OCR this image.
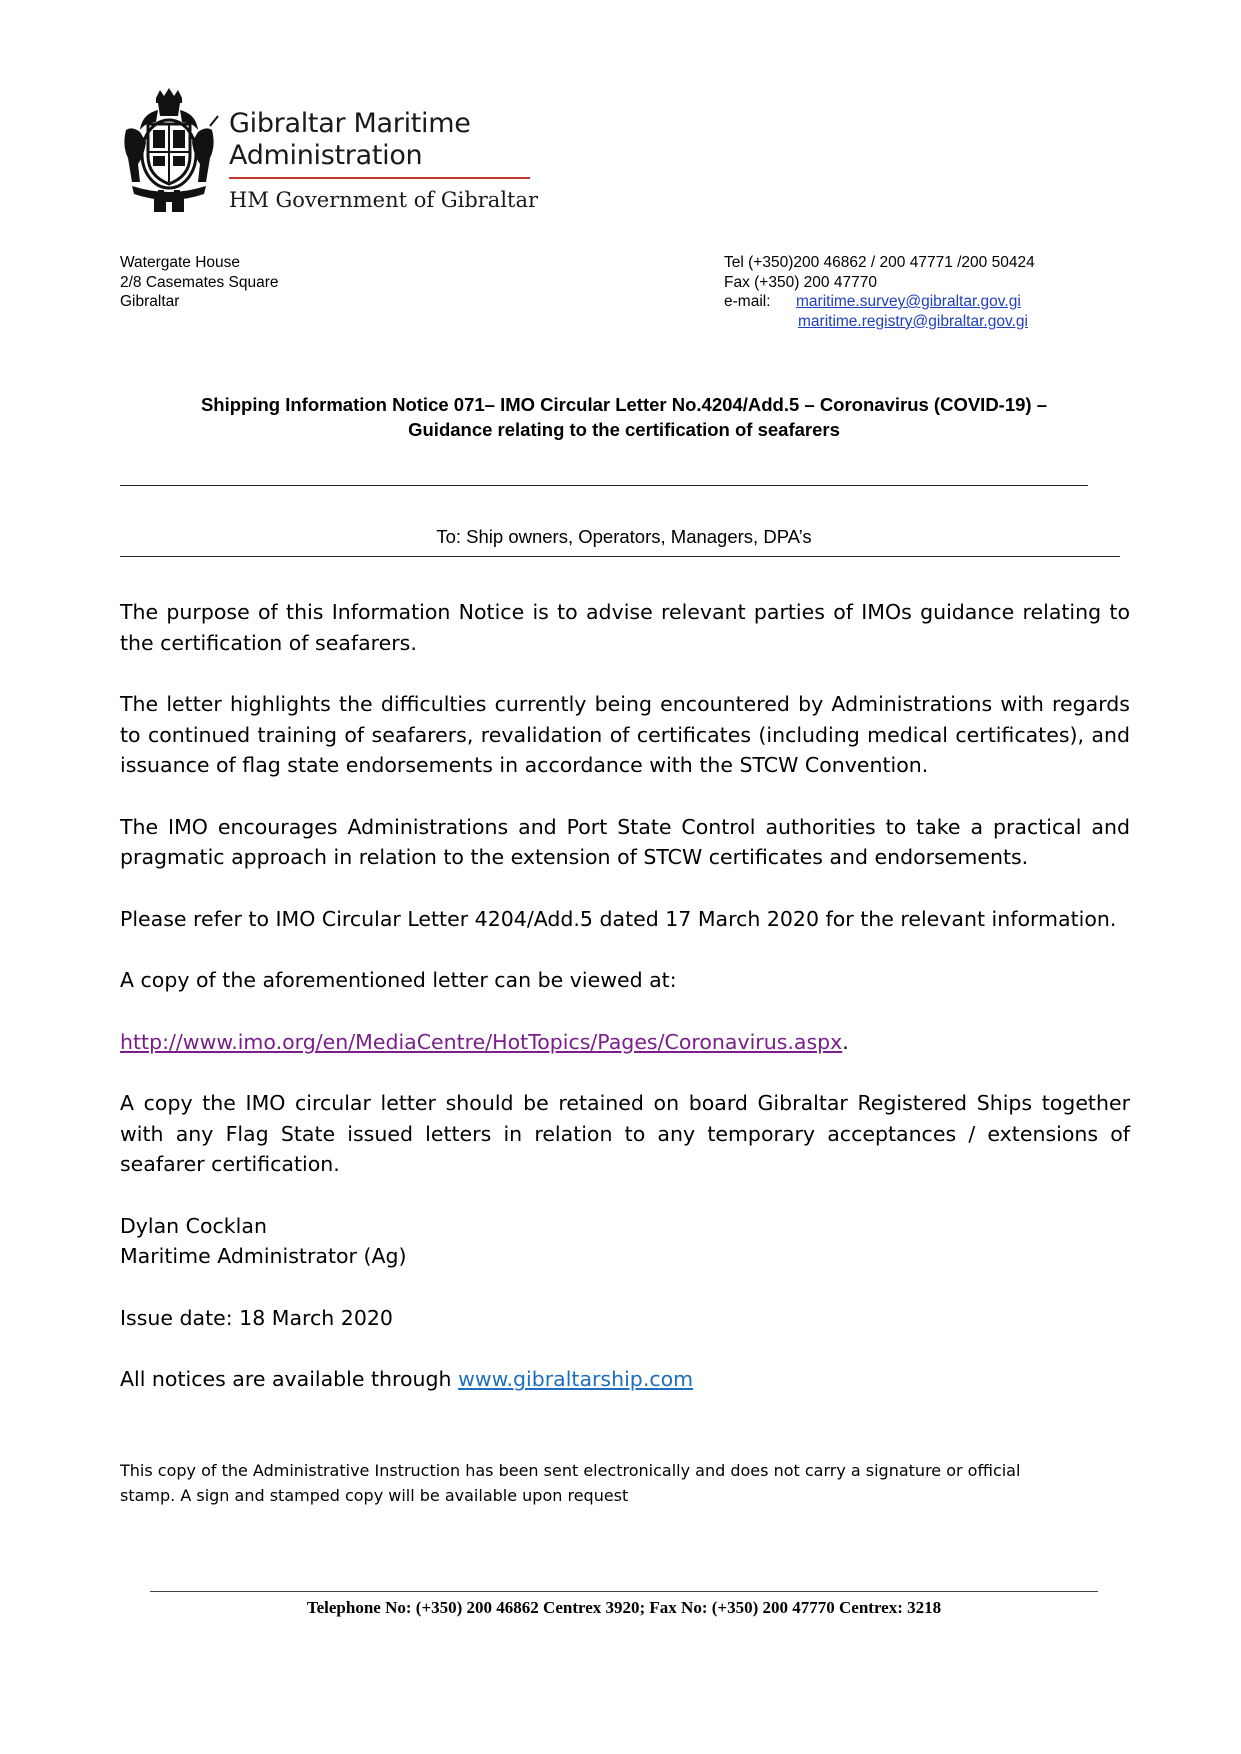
Gibraltar Maritime
Administration
HM Government of Gibraltar
Watergate House
2/8 Casemates Square
Gibraltar
Tel (+350)200 46862 / 200 47771 /200 50424
Fax (+350) 200 47770
e-mail: maritime.survey@gibraltar.gov.gi
maritime.registry@gibraltar.gov.gi
Shipping Information Notice 071– IMO Circular Letter No.4204/Add.5 – Coronavirus (COVID-19) –
Guidance relating to the certification of seafarers
To: Ship owners, Operators, Managers, DPA’s

The purpose of this Information Notice is to advise relevant parties of IMOs guidance relating to the certification of seafarers.

The letter highlights the difficulties currently being encountered by Administrations with regards to continued training of seafarers, revalidation of certificates (including medical certificates), and issuance of flag state endorsements in accordance with the STCW Convention.

The IMO encourages Administrations and Port State Control authorities to take a practical and pragmatic approach in relation to the extension of STCW certificates and endorsements.

Please refer to IMO Circular Letter 4204/Add.5 dated 17 March 2020 for the relevant information.

A copy of the aforementioned letter can be viewed at:

http://www.imo.org/en/MediaCentre/HotTopics/Pages/Coronavirus.aspx.

A copy the IMO circular letter should be retained on board Gibraltar Registered Ships together with any Flag State issued letters in relation to any temporary acceptances / extensions of seafarer certification.

Dylan Cocklan
Maritime Administrator (Ag)

Issue date: 18 March 2020

All notices are available through www.gibraltarship.com

This copy of the Administrative Instruction has been sent electronically and does not carry a signature or official
stamp. A sign and stamped copy will be available upon request
Telephone No: (+350) 200 46862 Centrex 3920; Fax No: (+350) 200 47770 Centrex: 3218
